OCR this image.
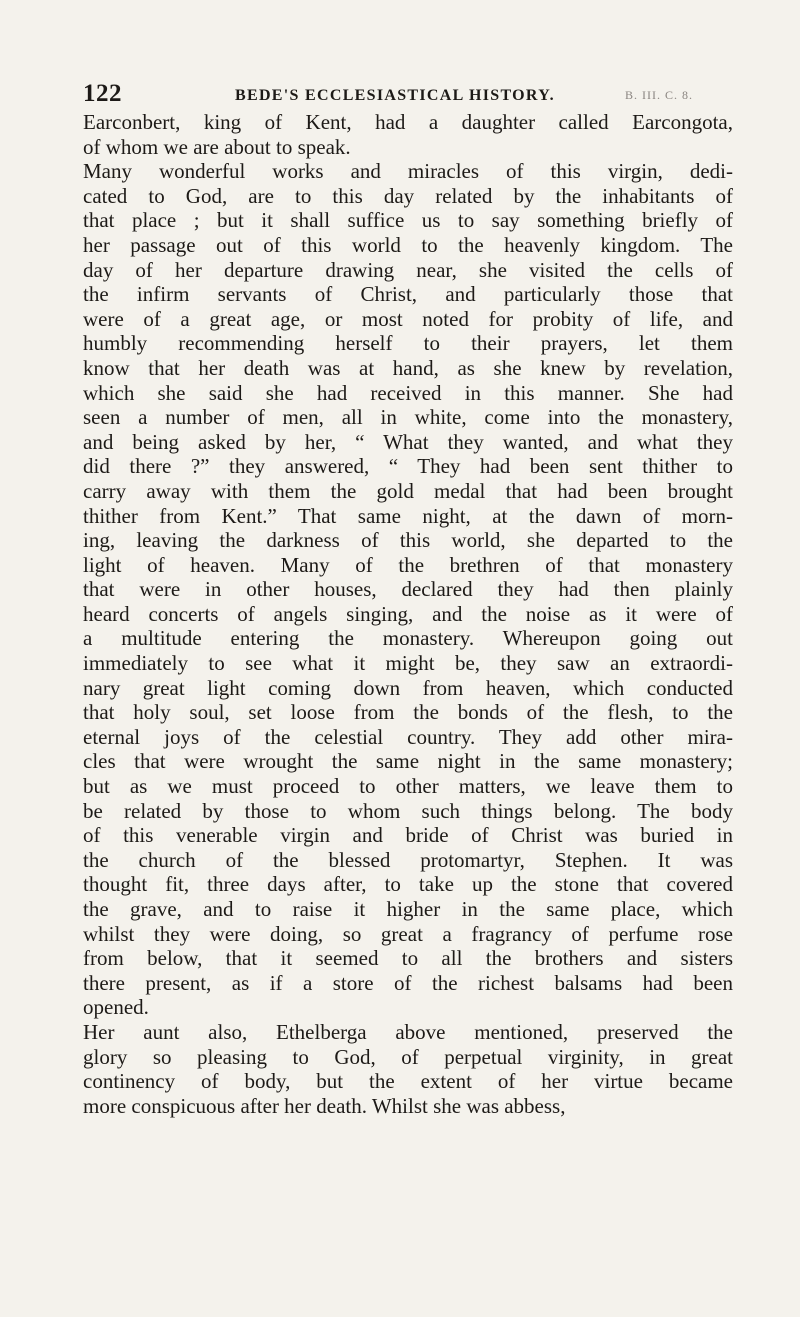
122	BEDE'S ECCLESIASTICAL HISTORY.	B. III. C. 8.
Earconbert, king of Kent, had a daughter called Earcongota,
of whom we are about to speak.
Many wonderful works and miracles of this virgin, dedi-
cated to God, are to this day related by the inhabitants of
that place ; but it shall suffice us to say something briefly of
her passage out of this world to the heavenly kingdom. The
day of her departure drawing near, she visited the cells of
the infirm servants of Christ, and particularly those that
were of a great age, or most noted for probity of life, and
humbly recommending herself to their prayers, let them
know that her death was at hand, as she knew by revelation,
which she said she had received in this manner. She had
seen a number of men, all in white, come into the monastery,
and being asked by her, “ What they wanted, and what they
did there ?” they answered, “ They had been sent thither to
carry away with them the gold medal that had been brought
thither from Kent.” That same night, at the dawn of morn-
ing, leaving the darkness of this world, she departed to the
light of heaven. Many of the brethren of that monastery
that were in other houses, declared they had then plainly
heard concerts of angels singing, and the noise as it were of
a multitude entering the monastery. Whereupon going out
immediately to see what it might be, they saw an extraordi-
nary great light coming down from heaven, which conducted
that holy soul, set loose from the bonds of the flesh, to the
eternal joys of the celestial country. They add other mira-
cles that were wrought the same night in the same monastery;
but as we must proceed to other matters, we leave them to
be related by those to whom such things belong. The body
of this venerable virgin and bride of Christ was buried in
the church of the blessed protomartyr, Stephen. It was
thought fit, three days after, to take up the stone that covered
the grave, and to raise it higher in the same place, which
whilst they were doing, so great a fragrancy of perfume rose
from below, that it seemed to all the brothers and sisters
there present, as if a store of the richest balsams had been
opened.
Her aunt also, Ethelberga above mentioned, preserved the
glory so pleasing to God, of perpetual virginity, in great
continency of body, but the extent of her virtue became
more conspicuous after her death. Whilst she was abbess,
